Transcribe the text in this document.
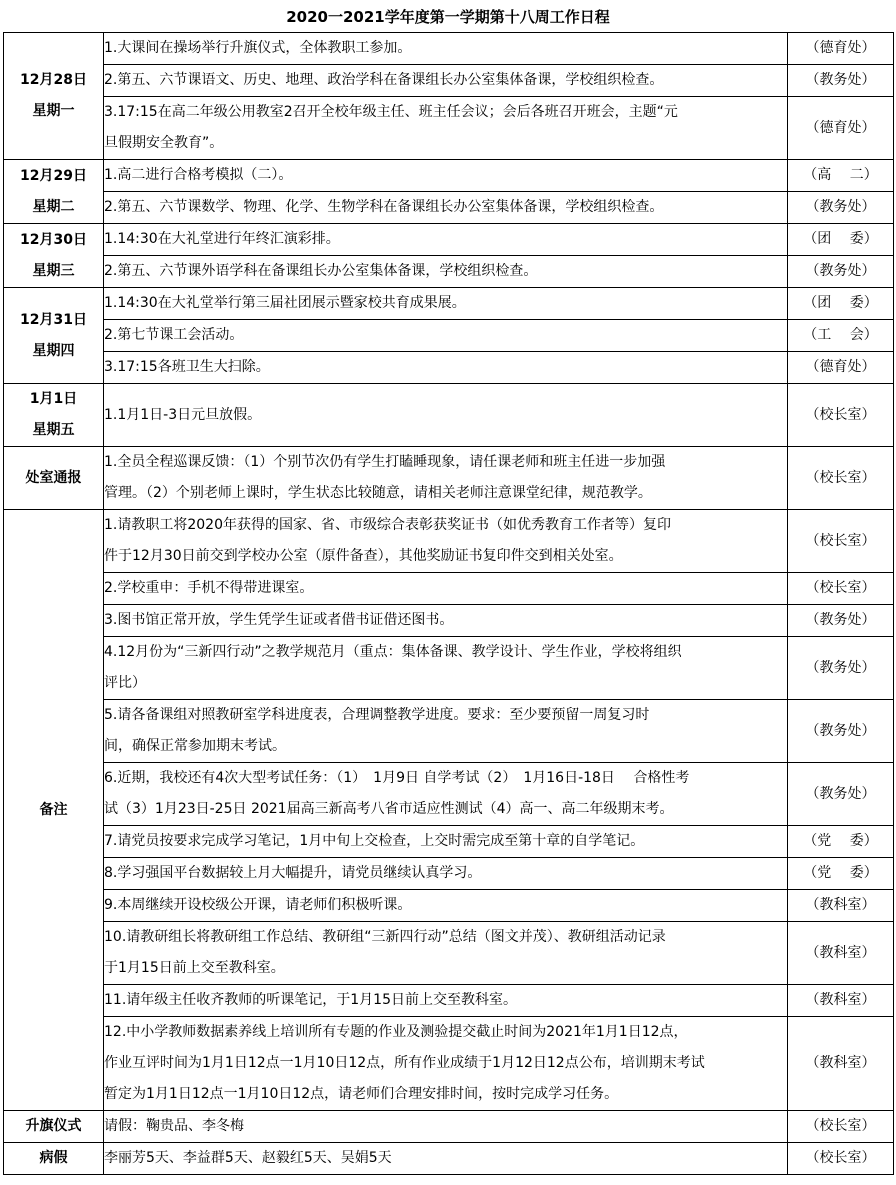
2020一2021学年度第一学期第十八周工作日程
12月28日
星期一	1.大课间在操场举行升旗仪式，全体教职工参加。	（德育处）

	2.第五、六节课语文、历史、地理、政治学科在备课组长办公室集体备课，学校组织检查。	（教务处）

	3.17:15在高二年级公用教室2召开全校年级主任、班主任会议；会后各班召开班会，主题“元
旦假期安全教育”。	（德育处）

12月29日
星期二	1.高二进行合格考模拟（二）。	（高　 二）

	2.第五、六节课数学、物理、化学、生物学科在备课组长办公室集体备课，学校组织检查。	（教务处）

12月30日
星期三	1.14:30在大礼堂进行年终汇演彩排。	（团　 委）

	2.第五、六节课外语学科在备课组长办公室集体备课，学校组织检查。	（教务处）

12月31日
星期四	1.14:30在大礼堂举行第三届社团展示暨家校共育成果展。	（团　 委）

	2.第七节课工会活动。	（工　 会）

	3.17:15各班卫生大扫除。	（德育处）

1月1日
星期五	1.1月1日-3日元旦放假。	（校长室）

处室通报	1.全员全程巡课反馈：（1）个别节次仍有学生打瞌睡现象，请任课老师和班主任进一步加强
管理。（2）个别老师上课时，学生状态比较随意，请相关老师注意课堂纪律，规范教学。	（校长室）

备注	1.请教职工将2020年获得的国家、省、市级综合表彰获奖证书（如优秀教育工作者等）复印
件于12月30日前交到学校办公室（原件备查），其他奖励证书复印件交到相关处室。	（校长室）

	2.学校重申：手机不得带进课室。	（校长室）

	3.图书馆正常开放，学生凭学生证或者借书证借还图书。	（教务处）

	4.12月份为“三新四行动”之教学规范月（重点：集体备课、教学设计、学生作业，学校将组织
评比）	（教务处）

	5.请各备课组对照教研室学科进度表，合理调整教学进度。要求：至少要预留一周复习时
间，确保正常参加期末考试。	（教务处）

	6.近期，我校还有4次大型考试任务：（1）　1月9日 自学考试（2）　1月16日-18日　 合格性考
试（3）1月23日-25日 2021届高三新高考八省市适应性测试（4）高一、高二年级期末考。	（教务处）

	7.请党员按要求完成学习笔记，1月中旬上交检查，上交时需完成至第十章的自学笔记。	（党　 委）

	8.学习强国平台数据较上月大幅提升，请党员继续认真学习。	（党　 委）

	9.本周继续开设校级公开课，请老师们积极听课。	（教科室）

	10.请教研组长将教研组工作总结、教研组“三新四行动”总结（图文并茂）、教研组活动记录
于1月15日前上交至教科室。	（教科室）

	11.请年级主任收齐教师的听课笔记，于1月15日前上交至教科室。	（教科室）

	12.中小学教师数据素养线上培训所有专题的作业及测验提交截止时间为2021年1月1日12点，
作业互评时间为1月1日12点一1月10日12点，所有作业成绩于1月12日12点公布，培训期末考试
暂定为1月1日12点一1月10日12点，请老师们合理安排时间，按时完成学习任务。	（教科室）

升旗仪式	请假：鞠贵品、李冬梅	（校长室）

病假	李丽芳5天、李益群5天、赵毅红5天、吴娟5天	（校长室）
